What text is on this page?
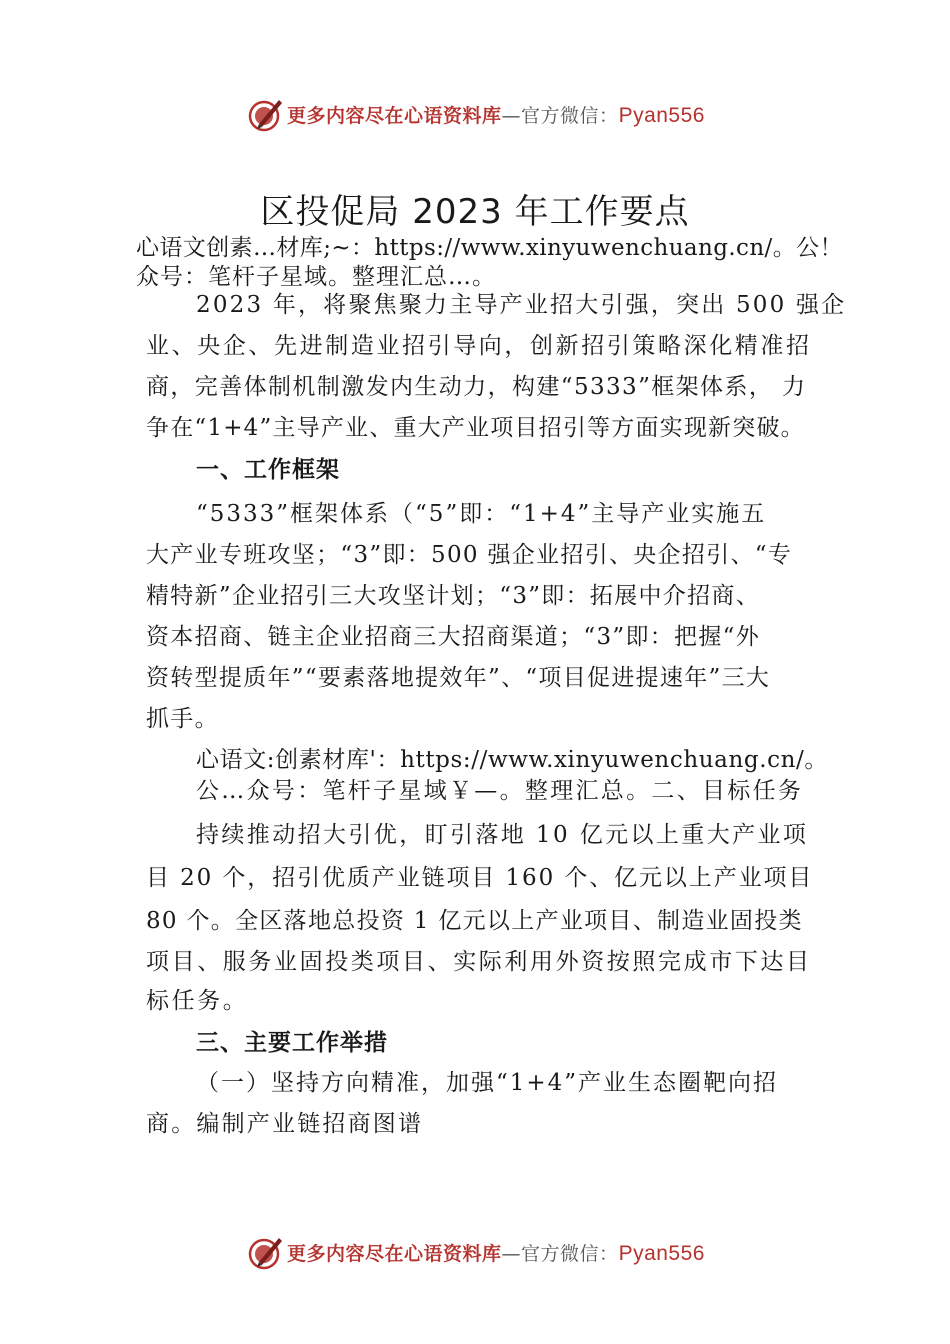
更多内容尽在心语资料库—官方微信：Pyan556
区投促局 2023 年工作要点
心语文创素…材库;~：https://www.xinyuwenchuang.cn/。公！
众号：笔杆子星域。整理汇总…。
2023 年，将聚焦聚力主导产业招大引强，突出 500 强企
业、央企、先进制造业招引导向，创新招引策略深化精准招
商，完善体制机制激发内生动力，构建“5333”框架体系， 力
争在“1+4”主导产业、重大产业项目招引等方面实现新突破。
一、工作框架
“5333”框架体系（“5”即：“1+4”主导产业实施五
大产业专班攻坚；“3”即：500 强企业招引、央企招引、“专
精特新”企业招引三大攻坚计划；“3”即：拓展中介招商、
资本招商、链主企业招商三大招商渠道；“3”即：把握“外
资转型提质年”“要素落地提效年”、“项目促进提速年”三大
抓手。
心语文:创素材库'：https://www.xinyuwenchuang.cn/。
公…众号：笔杆子星域￥—。整理汇总。二、目标任务
持续推动招大引优，盯引落地 10 亿元以上重大产业项
目 20 个，招引优质产业链项目 160 个、亿元以上产业项目
80 个。全区落地总投资 1 亿元以上产业项目、制造业固投类
项目、服务业固投类项目、实际利用外资按照完成市下达目
标任务。
三、主要工作举措
（一）坚持方向精准，加强“1+4”产业生态圈靶向招
商。编制产业链招商图谱
更多内容尽在心语资料库—官方微信：Pyan556
